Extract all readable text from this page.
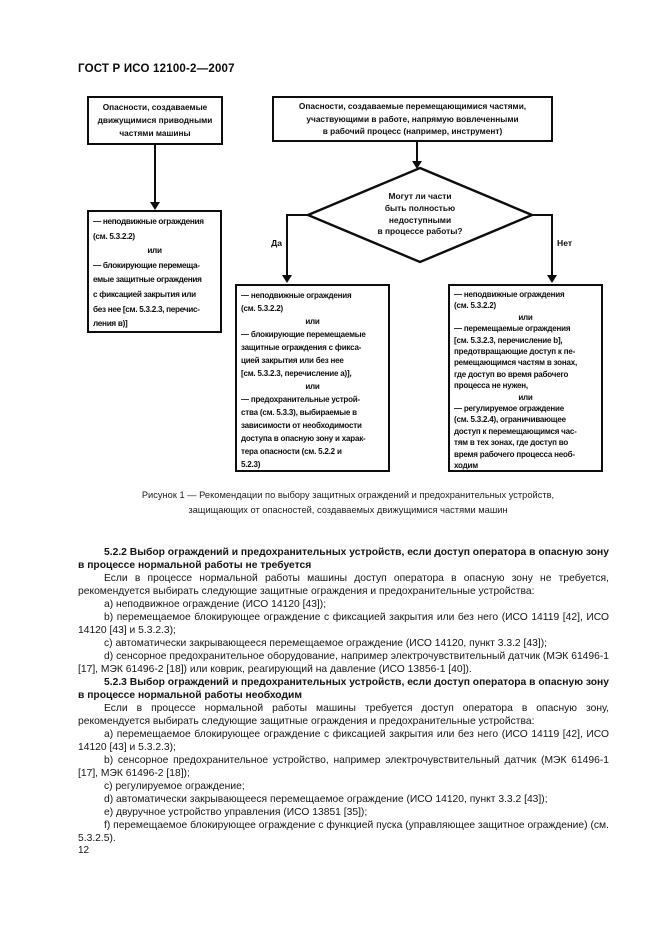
ГОСТ Р ИСО 12100-2—2007
Опасности, создаваемые
движущимися приводными
частями машины
Опасности, создаваемые перемещающимися частями,
участвующими в работе, напрямую вовлеченными
в рабочий процесс (например, инструмент)
Могут ли части
быть полностью
недоступными
в процессе работы?
Да	Нет
— неподвижные ограждения
(см. 5.3.2.2)
или
— блокирующие перемеща-
емые защитные ограждения
с фиксацией закрытия или
без нее [см. 5.3.2.3, перечис-
ления в)]
— неподвижные ограждения
(см. 5.3.2.2)
или
— блокирующие перемещаемые
защитные ограждения с фикса-
цией закрытия или без нее
[см. 5.3.2.3, перечисление а)],
или
— предохранительные устрой-
ства (см. 5.3.3), выбираемые в
зависимости от необходимости
доступа в опасную зону и харак-
тера опасности (см. 5.2.2 и
5.2.3)
— неподвижные ограждения
(см. 5.3.2.2)
или
— перемещаемые ограждения
[см. 5.3.2.3, перечисление b],
предотвращающие доступ к пе-
ремещающимся частям в зонах,
где доступ во время рабочего
процесса не нужен,
или
— регулируемое ограждение
(см. 5.3.2.4), ограничивающее
доступ к перемещающимся час-
тям в тех зонах, где доступ во
время рабочего процесса необ-
ходим
Рисунок 1 — Рекомендации по выбору защитных ограждений и предохранительных устройств,
защищающих от опасностей, создаваемых движущимися частями машин

5.2.2 Выбор ограждений и предохранительных устройств, если доступ оператора в опасную зону в процессе нормальной работы не требуется

Если в процессе нормальной работы машины доступ оператора в опасную зону не требуется, рекомендуется выбирать следующие защитные ограждения и предохранительные устройства:

a) неподвижное ограждение (ИСО 14120 [43]);

b) перемещаемое блокирующее ограждение с фиксацией закрытия или без него (ИСО 14119 [42], ИСО 14120 [43] и 5.3.2.3);

c) автоматически закрывающееся перемещаемое ограждение (ИСО 14120, пункт 3.3.2 [43]);

d) сенсорное предохранительное оборудование, например электрочувствительный датчик (МЭК 61496-1 [17], МЭК 61496-2 [18]) или коврик, реагирующий на давление (ИСО 13856-1 [40]).

5.2.3 Выбор ограждений и предохранительных устройств, если доступ оператора в опасную зону в процессе нормальной работы необходим

Если в процессе нормальной работы машины требуется доступ оператора в опасную зону, рекомендуется выбирать следующие защитные ограждения и предохранительные устройства:

a) перемещаемое блокирующее ограждение с фиксацией закрытия или без него (ИСО 14119 [42], ИСО 14120 [43] и 5.3.2.3);

b) сенсорное предохранительное устройство, например электрочувствительный датчик (МЭК 61496-1 [17], МЭК 61496-2 [18]);

c) регулируемое ограждение;

d) автоматически закрывающееся перемещаемое ограждение (ИСО 14120, пункт 3.3.2 [43]);

e) двуручное устройство управления (ИСО 13851 [35]);

f) перемещаемое блокирующее ограждение с функцией пуска (управляющее защитное ограждение) (см. 5.3.2.5).

12
